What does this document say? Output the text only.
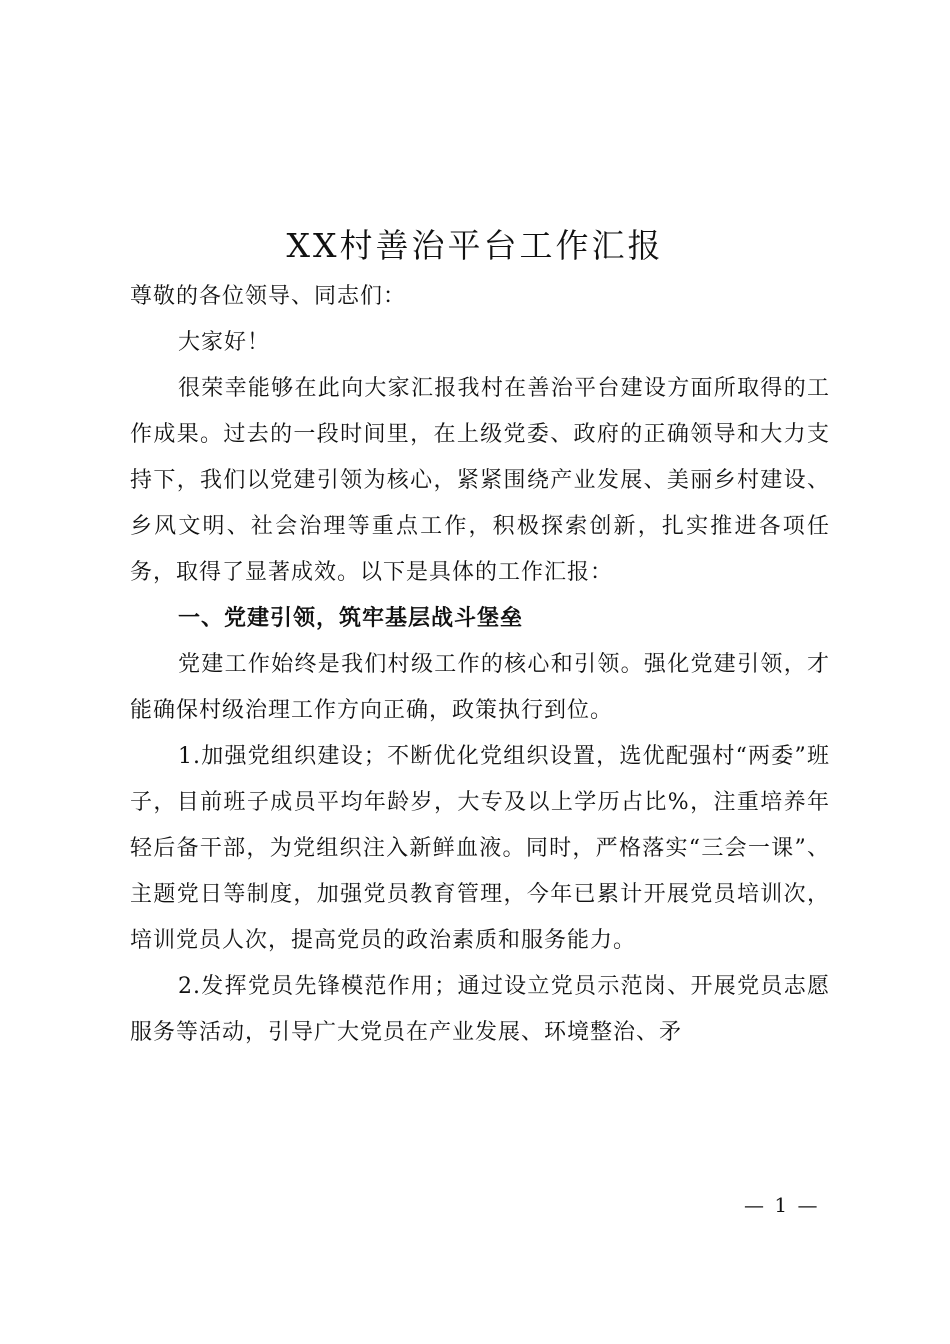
XX村善治平台工作汇报

尊敬的各位领导、同志们：

大家好！

很荣幸能够在此向大家汇报我村在善治平台建设方面所取得的工作成果。过去的一段时间里，在上级党委、政府的正确领导和大力支持下，我们以党建引领为核心，紧紧围绕产业发展、美丽乡村建设、乡风文明、社会治理等重点工作，积极探索创新，扎实推进各项任务，取得了显著成效。以下是具体的工作汇报：

一、党建引领，筑牢基层战斗堡垒

党建工作始终是我们村级工作的核心和引领。强化党建引领，才能确保村级治理工作方向正确，政策执行到位。

1.加强党组织建设；不断优化党组织设置，选优配强村“两委”班子，目前班子成员平均年龄岁，大专及以上学历占比%，注重培养年轻后备干部，为党组织注入新鲜血液。同时，严格落实“三会一课”、主题党日等制度，加强党员教育管理，今年已累计开展党员培训次，培训党员人次，提高党员的政治素质和服务能力。

2.发挥党员先锋模范作用；通过设立党员示范岗、开展党员志愿服务等活动，引导广大党员在产业发展、环境整治、矛

— 1 —
